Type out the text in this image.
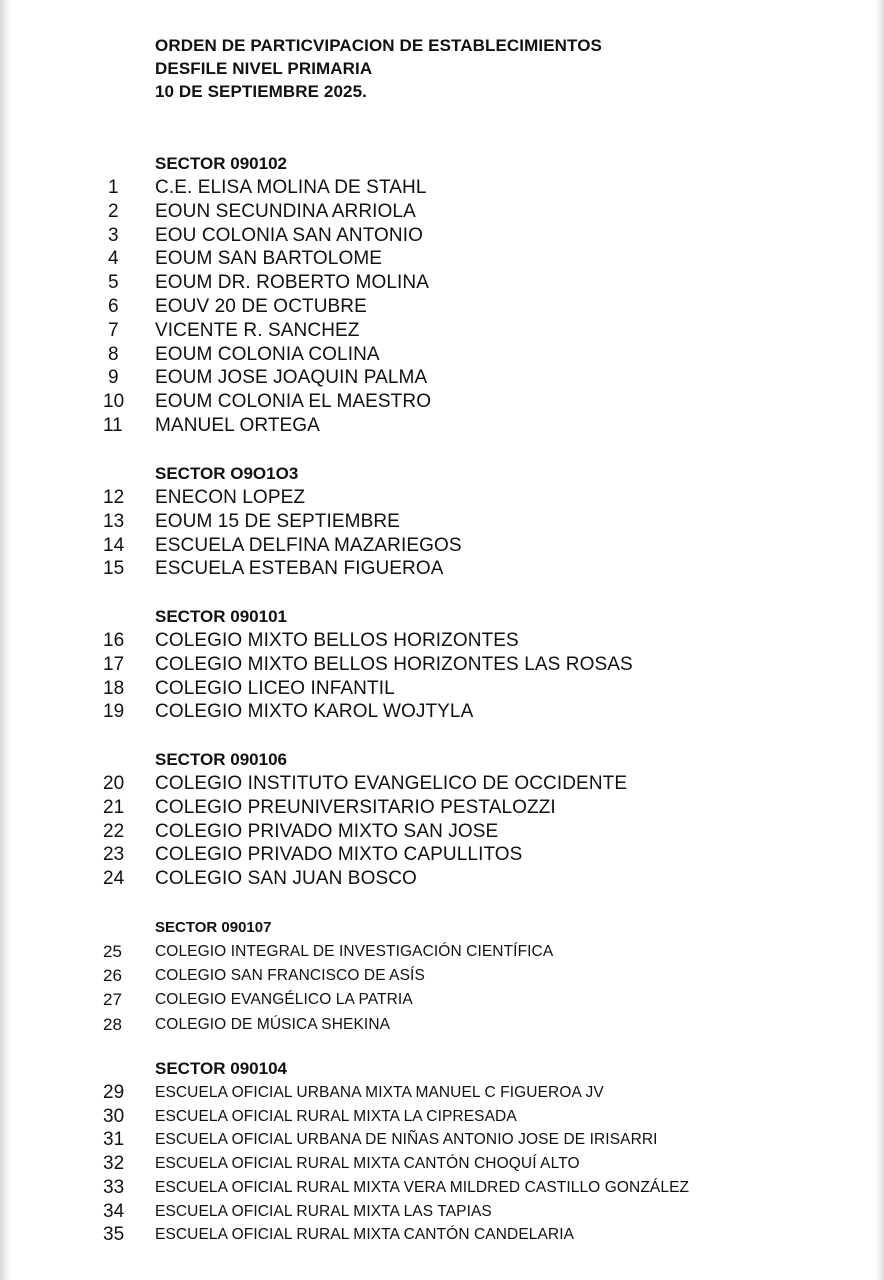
ORDEN DE PARTICVIPACION DE ESTABLECIMIENTOS
DESFILE NIVEL PRIMARIA
10 DE SEPTIEMBRE 2025.
SECTOR 090102
1	C.E. ELISA MOLINA DE STAHL
2	EOUN SECUNDINA ARRIOLA
3	EOU COLONIA SAN ANTONIO
4	EOUM SAN BARTOLOME
5	EOUM DR. ROBERTO MOLINA
6	EOUV 20 DE OCTUBRE
7	VICENTE R. SANCHEZ
8	EOUM COLONIA COLINA
9	EOUM JOSE JOAQUIN PALMA
10	EOUM COLONIA EL MAESTRO
11	MANUEL ORTEGA
SECTOR O9O1O3
12	ENECON LOPEZ
13	EOUM 15 DE SEPTIEMBRE
14	ESCUELA DELFINA MAZARIEGOS
15	ESCUELA ESTEBAN FIGUEROA
SECTOR 090101
16	COLEGIO MIXTO BELLOS HORIZONTES
17	COLEGIO MIXTO BELLOS HORIZONTES LAS ROSAS
18	COLEGIO LICEO INFANTIL
19	COLEGIO MIXTO KAROL WOJTYLA
SECTOR 090106
20	COLEGIO INSTITUTO EVANGELICO DE OCCIDENTE
21	COLEGIO PREUNIVERSITARIO PESTALOZZI
22	COLEGIO PRIVADO MIXTO SAN JOSE
23	COLEGIO PRIVADO MIXTO CAPULLITOS
24	COLEGIO SAN JUAN BOSCO
SECTOR 090107
25	COLEGIO INTEGRAL DE INVESTIGACIÓN CIENTÍFICA
26	COLEGIO SAN FRANCISCO DE ASÍS
27	COLEGIO EVANGÉLICO LA PATRIA
28	COLEGIO DE MÚSICA SHEKINA
SECTOR 090104
29	ESCUELA OFICIAL URBANA MIXTA MANUEL C FIGUEROA JV
30	ESCUELA OFICIAL RURAL MIXTA LA CIPRESADA
31	ESCUELA OFICIAL URBANA DE NIÑAS ANTONIO JOSE DE IRISARRI
32	ESCUELA OFICIAL RURAL MIXTA CANTÓN CHOQUÍ ALTO
33	ESCUELA OFICIAL RURAL MIXTA VERA MILDRED CASTILLO GONZÁLEZ
34	ESCUELA OFICIAL RURAL MIXTA LAS TAPIAS
35	ESCUELA OFICIAL RURAL MIXTA CANTÓN CANDELARIA
